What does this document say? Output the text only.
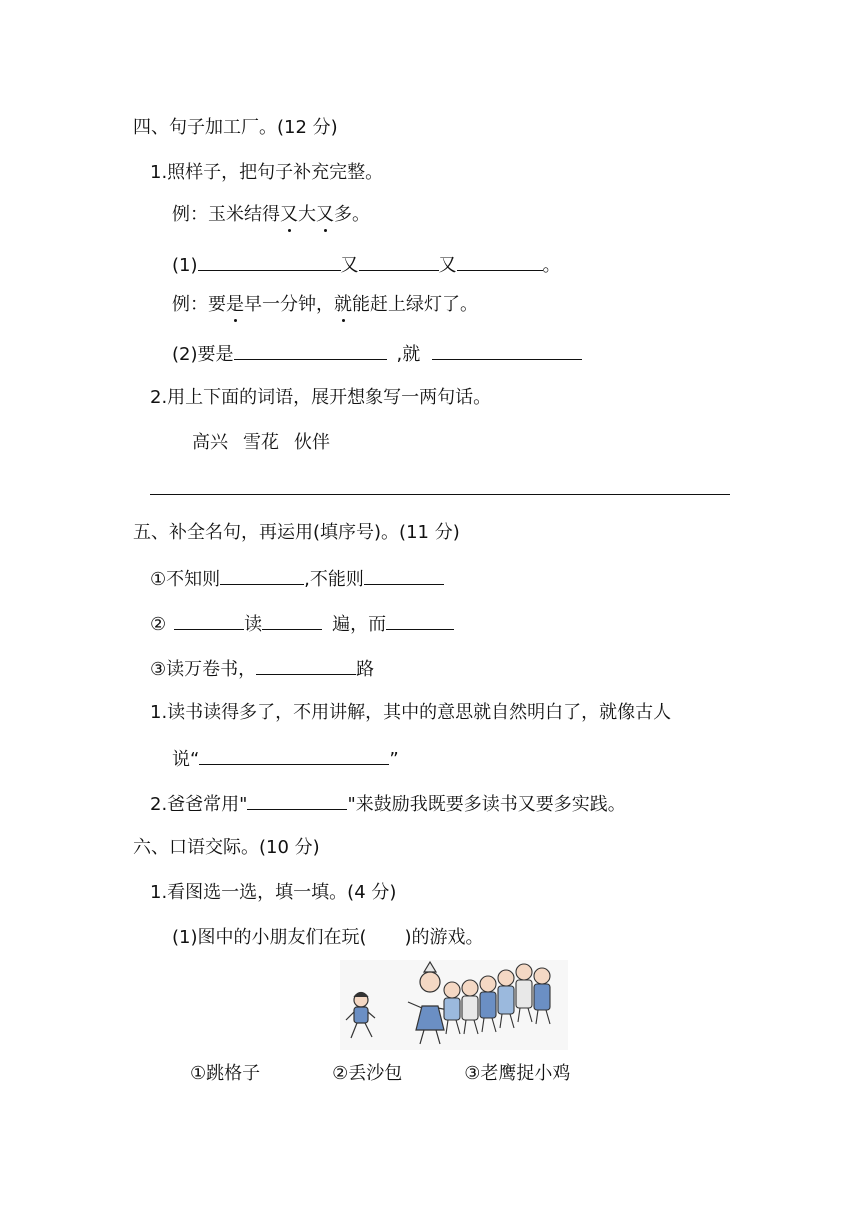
四、句子加工厂。(12 分)
1.照样子，把句子补充完整。
例：玉米结得又大又多。
(1)	又	又	。
例：要是早一分钟，就能赶上绿灯了。
(2)要是	,就
2.用上下面的词语，展开想象写一两句话。
高兴 雪花 伙伴
五、补全名句，再运用(填序号)。(11 分)
①不知则	,不能则
②	读	遍，而
③读万卷书，	路
1.读书读得多了，不用讲解，其中的意思就自然明白了，就像古人
说“	”
2.爸爸常用"	"来鼓励我既要多读书又要多实践。
六、口语交际。(10 分)
1.看图选一选，填一填。(4 分)
(1)图中的小朋友们在玩( )的游戏。
①跳格子	②丢沙包	③老鹰捉小鸡
